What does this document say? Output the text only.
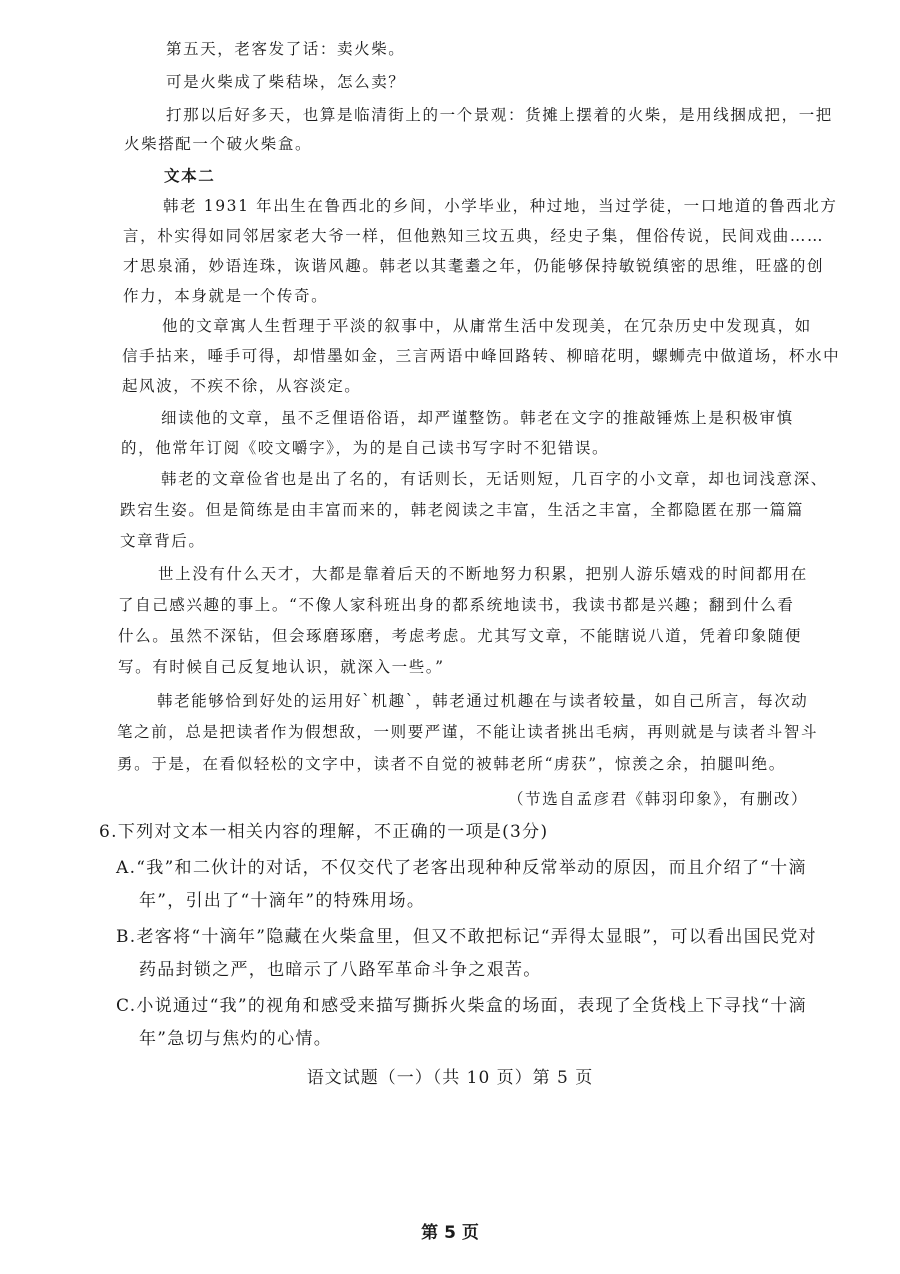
第五天，老客发了话：卖火柴。
可是火柴成了柴秸垛，怎么卖？
打那以后好多天，也算是临清街上的一个景观：货摊上摆着的火柴，是用线捆成把，一把
火柴搭配一个破火柴盒。
文本二
韩老 1931 年出生在鲁西北的乡间，小学毕业，种过地，当过学徒，一口地道的鲁西北方
言，朴实得如同邻居家老大爷一样，但他熟知三坟五典，经史子集，俚俗传说，民间戏曲……
才思泉涌，妙语连珠，诙谐风趣。韩老以其耄耋之年，仍能够保持敏锐缜密的思维，旺盛的创
作力，本身就是一个传奇。
他的文章寓人生哲理于平淡的叙事中，从庸常生活中发现美，在冗杂历史中发现真，如
信手拈来，唾手可得，却惜墨如金，三言两语中峰回路转、柳暗花明，螺蛳壳中做道场，杯水中
起风波，不疾不徐，从容淡定。
细读他的文章，虽不乏俚语俗语，却严谨整饬。韩老在文字的推敲锤炼上是积极审慎
的，他常年订阅《咬文嚼字》，为的是自己读书写字时不犯错误。
韩老的文章俭省也是出了名的，有话则长，无话则短，几百字的小文章，却也词浅意深、
跌宕生姿。但是简练是由丰富而来的，韩老阅读之丰富，生活之丰富，全都隐匿在那一篇篇
文章背后。
世上没有什么天才，大都是靠着后天的不断地努力积累，把别人游乐嬉戏的时间都用在
了自己感兴趣的事上。“不像人家科班出身的都系统地读书，我读书都是兴趣；翻到什么看
什么。虽然不深钻，但会琢磨琢磨，考虑考虑。尤其写文章，不能瞎说八道，凭着印象随便
写。有时候自己反复地认识，就深入一些。”
韩老能够恰到好处的运用好`机趣`，韩老通过机趣在与读者较量，如自己所言，每次动
笔之前，总是把读者作为假想敌，一则要严谨，不能让读者挑出毛病，再则就是与读者斗智斗
勇。于是，在看似轻松的文字中，读者不自觉的被韩老所“虏获”，惊羡之余，拍腿叫绝。
（节选自孟彦君《韩羽印象》，有删改）
6.下列对文本一相关内容的理解，不正确的一项是(3分)
A.“我”和二伙计的对话，不仅交代了老客出现种种反常举动的原因，而且介绍了“十滴
年”，引出了“十滴年”的特殊用场。
B.老客将“十滴年”隐藏在火柴盒里，但又不敢把标记“弄得太显眼”，可以看出国民党对
药品封锁之严，也暗示了八路军革命斗争之艰苦。
C.小说通过“我”的视角和感受来描写撕拆火柴盒的场面，表现了全货栈上下寻找“十滴
年”急切与焦灼的心情。
语文试题（一）（共 10 页）第 5 页
第 5 页
